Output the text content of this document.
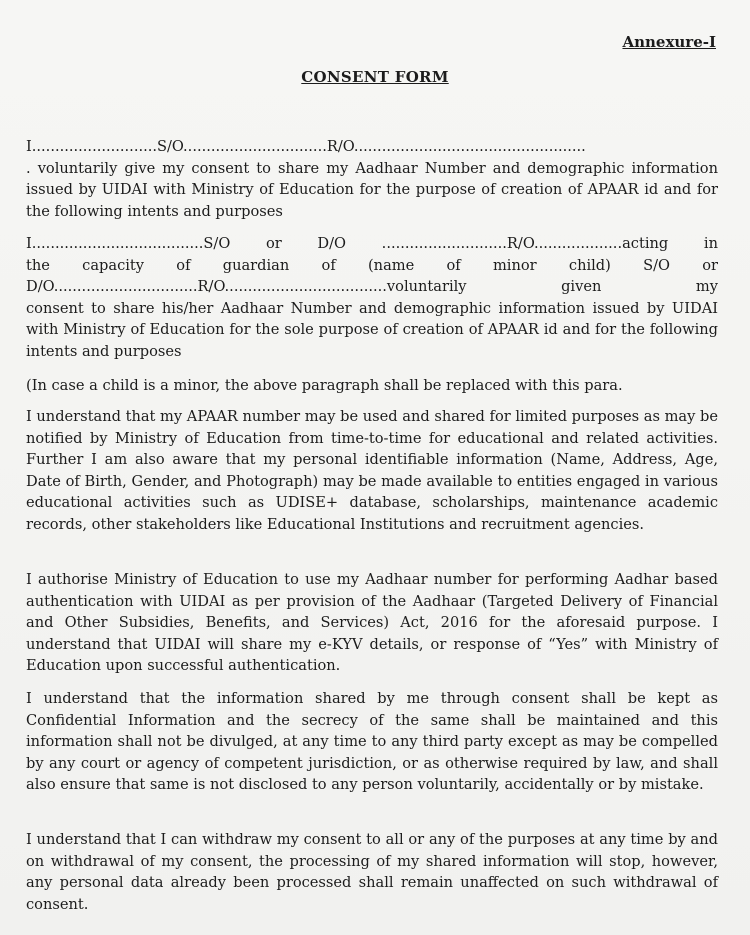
Annexure-I
CONSENT FORM
I...........................S/O...............................R/O..................................................
. voluntarily give my consent to share my Aadhaar Number and demographic information issued by UIDAI with Ministry of Education for the purpose of creation of APAAR id and for the following intents and purposes
I.....................................S/O or D/O ...........................R/O...................acting in
the capacity of guardian of (name of minor child) S/O or
D/O...............................R/O...................................voluntarily given my
consent to share his/her Aadhaar Number and demographic information issued by UIDAI with Ministry of Education for the sole purpose of creation of APAAR id and for the following intents and purposes

(In case a child is a minor, the above paragraph shall be replaced with this para.

I understand that my APAAR number may be used and shared for limited purposes as may be notified by Ministry of Education from time-to-time for educational and related activities. Further I am also aware that my personal identifiable information (Name, Address, Age, Date of Birth, Gender, and Photograph) may be made available to entities engaged in various educational activities such as UDISE+ database, scholarships, maintenance academic records, other stakeholders like Educational Institutions and recruitment agencies.

I authorise Ministry of Education to use my Aadhaar number for performing Aadhar based authentication with UIDAI as per provision of the Aadhaar (Targeted Delivery of Financial and Other Subsidies, Benefits, and Services) Act, 2016 for the aforesaid purpose. I understand that UIDAI will share my e-KYV details, or response of “Yes” with Ministry of Education upon successful authentication.

I understand that the information shared by me through consent shall be kept as Confidential Information and the secrecy of the same shall be maintained and this information shall not be divulged, at any time to any third party except as may be compelled by any court or agency of competent jurisdiction, or as otherwise required by law, and shall also ensure that same is not disclosed to any person voluntarily, accidentally or by mistake.

I understand that I can withdraw my consent to all or any of the purposes at any time by and on withdrawal of my consent, the processing of my shared information will stop, however, any personal data already been processed shall remain unaffected on such withdrawal of consent.
